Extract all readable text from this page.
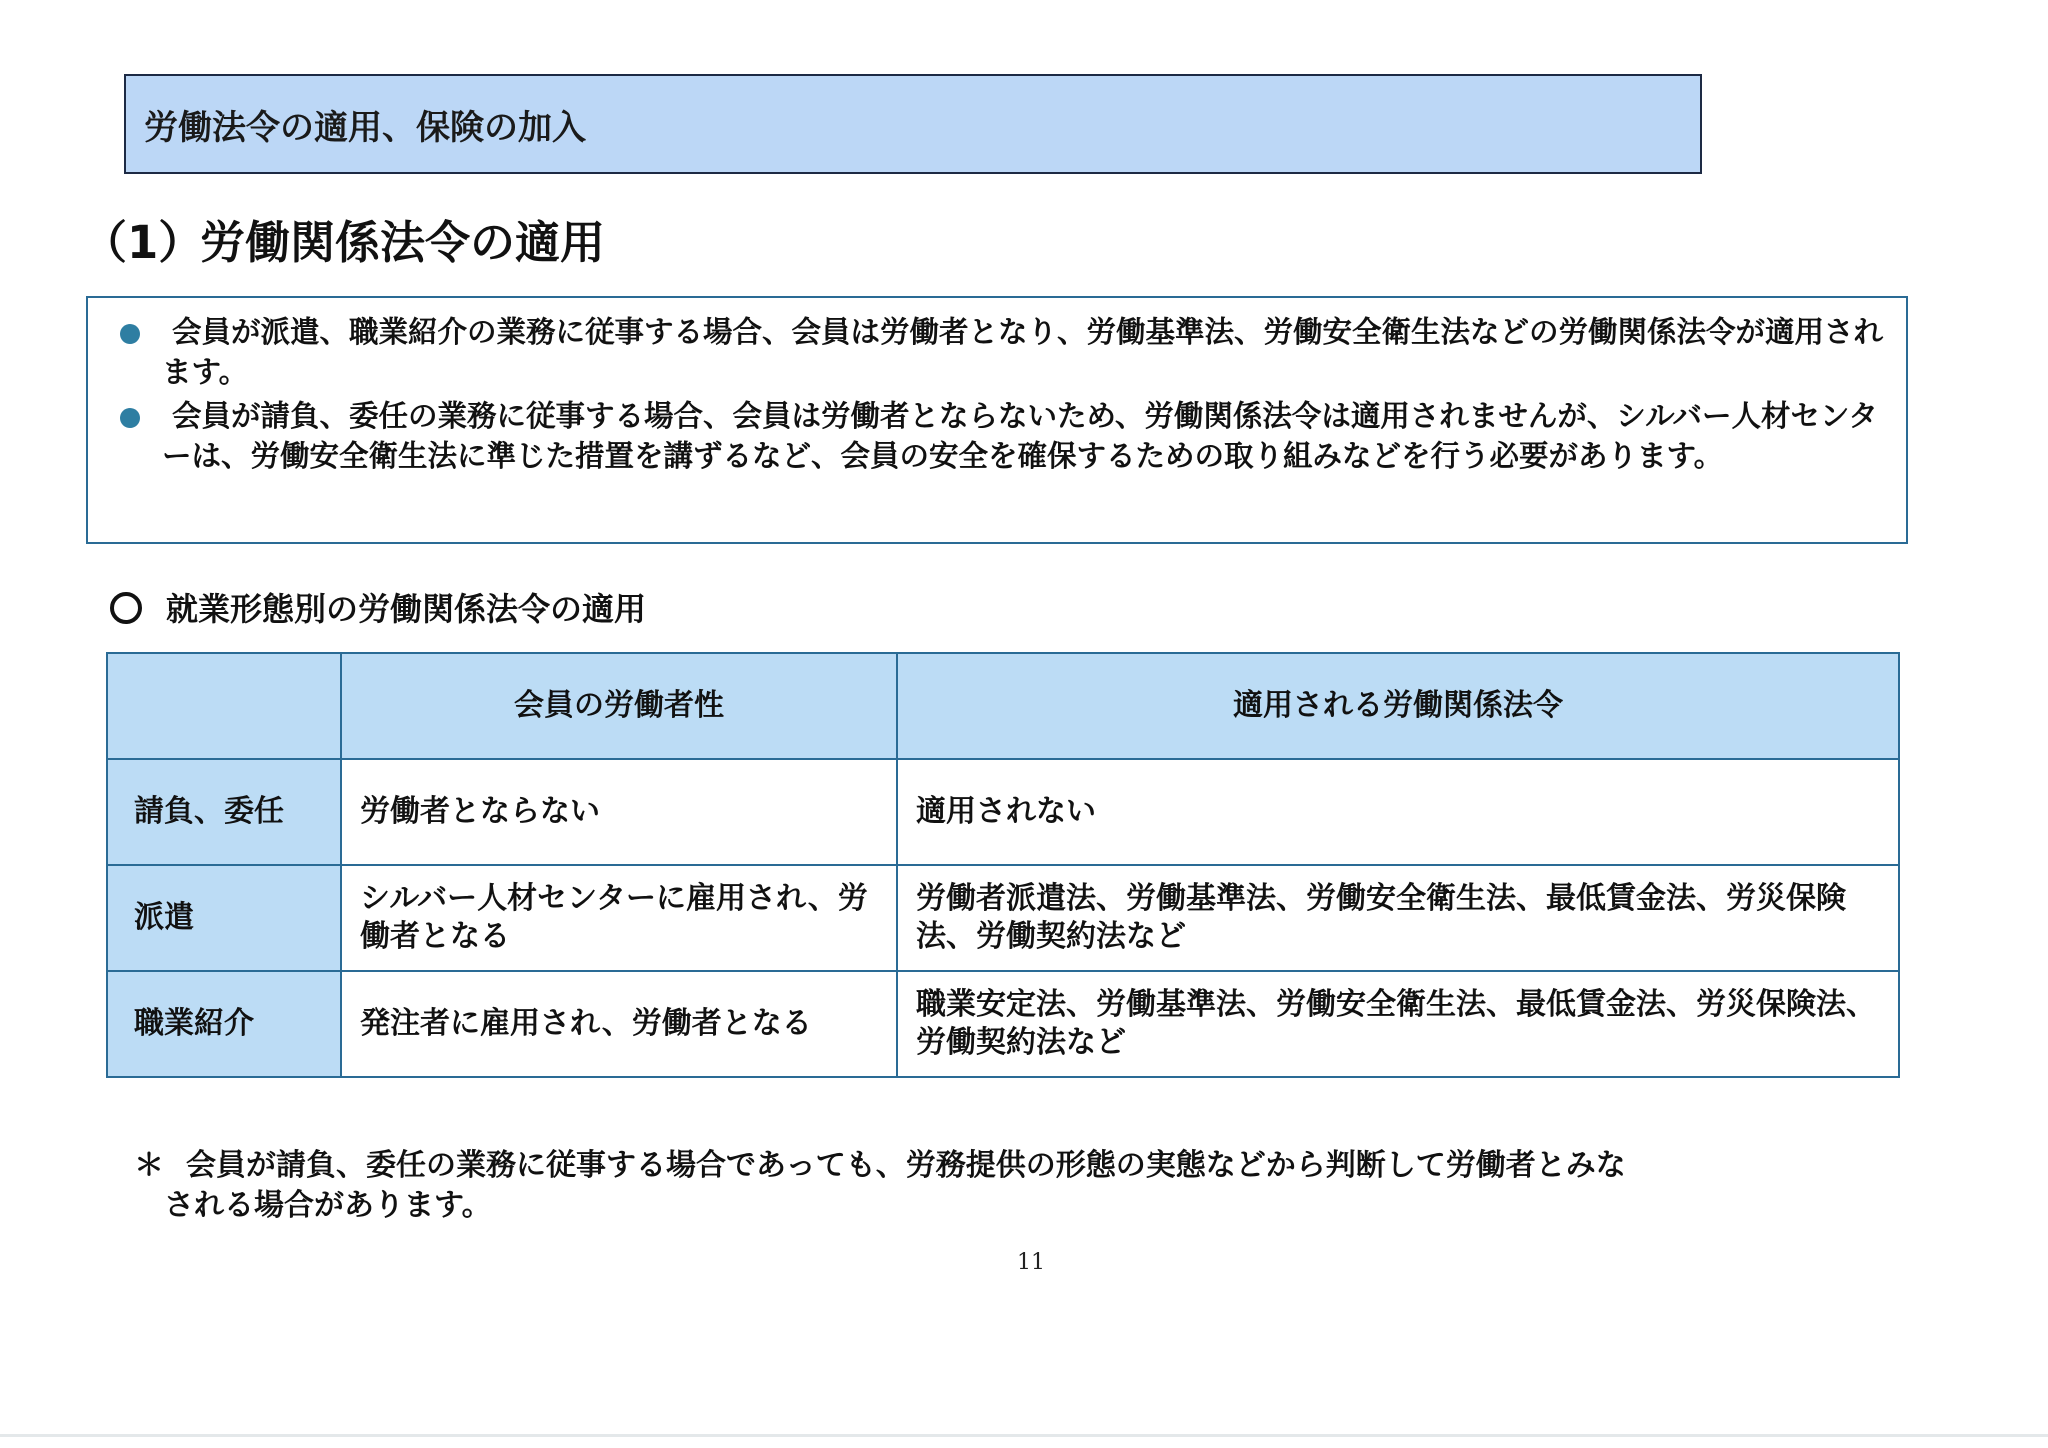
労働法令の適用、保険の加入
（1）労働関係法令の適用
会員が派遣、職業紹介の業務に従事する場合、会員は労働者となり、労働基準法、労働安全衛生法などの労働関係法令が適用されます。
会員が請負、委任の業務に従事する場合、会員は労働者とならないため、労働関係法令は適用されませんが、シルバー人材センターは、労働安全衛生法に準じた措置を講ずるなど、会員の安全を確保するための取り組みなどを行う必要があります。
就業形態別の労働関係法令の適用
	会員の労働者性	適用される労働関係法令
請負、委任	労働者とならない	適用されない
派遣	シルバー人材センターに雇用され、労働者となる	労働者派遣法、労働基準法、労働安全衛生法、最低賃金法、労災保険法、労働契約法など
職業紹介	発注者に雇用され、労働者となる	職業安定法、労働基準法、労働安全衛生法、最低賃金法、労災保険法、労働契約法など
＊ 会員が請負、委任の業務に従事する場合であっても、労務提供の形態の実態などから判断して労働者とみな
される場合があります。
11
